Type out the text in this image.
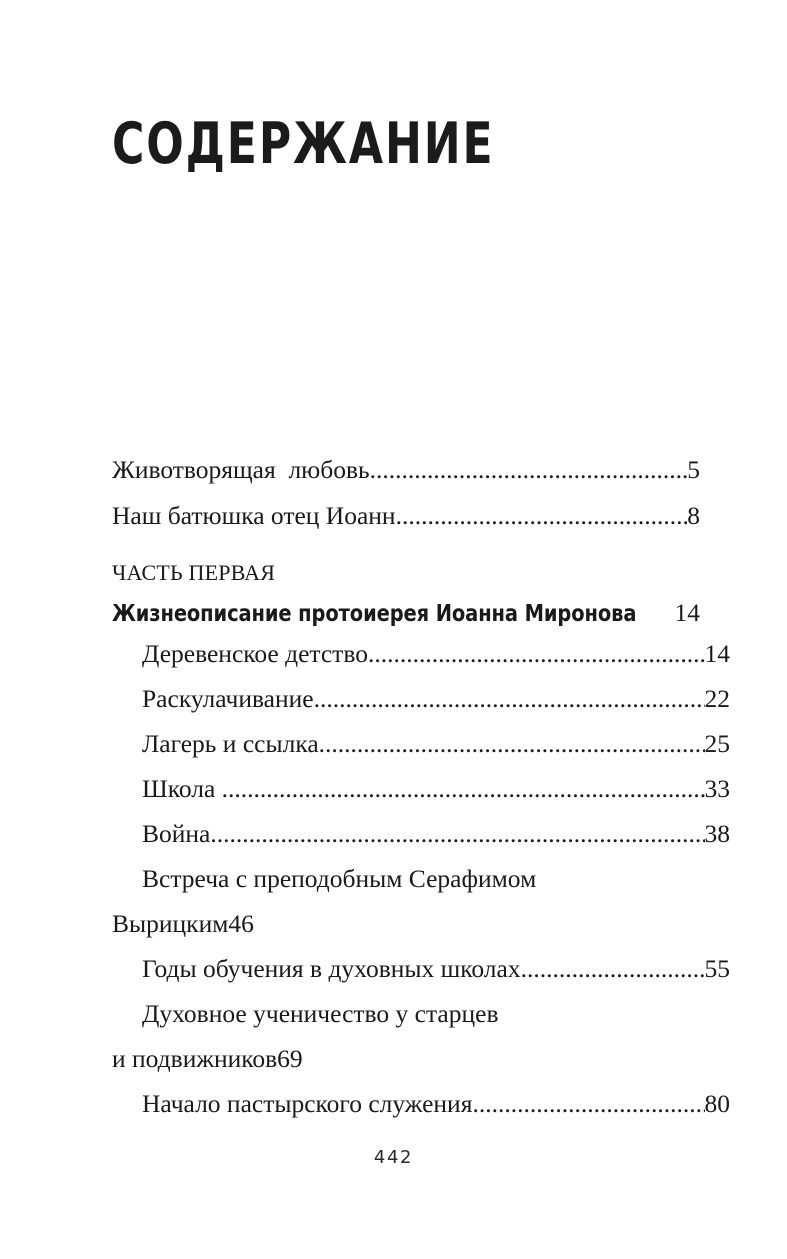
СОДЕРЖАНИЕ
Животворящая  любовь .....	5
Наш батюшка отец Иоанн .....	8
ЧАСТЬ ПЕРВАЯ
Жизнеописание протоиерея Иоанна Миронова 14
Деревенское детство .....	14
Раскулачивание .....	22
Лагерь и ссылка .....	25
Школа .....	33
Война .....	38
Встреча с преподобным Серафимом
Вырицким 46
Годы обучения в духовных школах .....	55
Духовное ученичество у старцев
и подвижников 69
Начало пастырского служения .....	80
442
